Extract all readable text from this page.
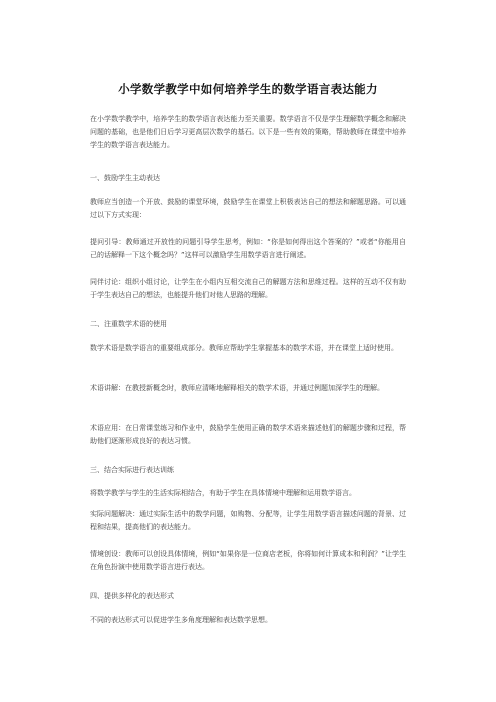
小学数学教学中如何培养学生的数学语言表达能力

在小学数学教学中，培养学生的数学语言表达能力至关重要。数学语言不仅是学生理解数学概念和解决问题的基础，也是他们日后学习更高层次数学的基石。以下是一些有效的策略，帮助教师在课堂中培养学生的数学语言表达能力。

一、鼓励学生主动表达

教师应当创造一个开放、鼓励的课堂环境，鼓励学生在课堂上积极表达自己的想法和解题思路。可以通过以下方式实现：

提问引导：教师通过开放性的问题引导学生思考，例如：“你是如何得出这个答案的？”或者“你能用自己的话解释一下这个概念吗？”这样可以激励学生用数学语言进行阐述。

同伴讨论：组织小组讨论，让学生在小组内互相交流自己的解题方法和思维过程。这样的互动不仅有助于学生表达自己的想法，也能提升他们对他人思路的理解。

二、注重数学术语的使用

数学术语是数学语言的重要组成部分。教师应帮助学生掌握基本的数学术语，并在课堂上适时使用。

术语讲解：在教授新概念时，教师应清晰地解释相关的数学术语，并通过例题加深学生的理解。

术语应用：在日常课堂练习和作业中，鼓励学生使用正确的数学术语来描述他们的解题步骤和过程，帮助他们逐渐形成良好的表达习惯。

三、结合实际进行表达训练

将数学教学与学生的生活实际相结合，有助于学生在具体情境中理解和运用数学语言。

实际问题解决：通过实际生活中的数学问题，如购物、分配等，让学生用数学语言描述问题的背景、过程和结果，提高他们的表达能力。

情境创设：教师可以创设具体情境，例如“如果你是一位商店老板，你将如何计算成本和利润？”让学生在角色扮演中使用数学语言进行表达。

四、提供多样化的表达形式

不同的表达形式可以促进学生多角度理解和表达数学思想。
